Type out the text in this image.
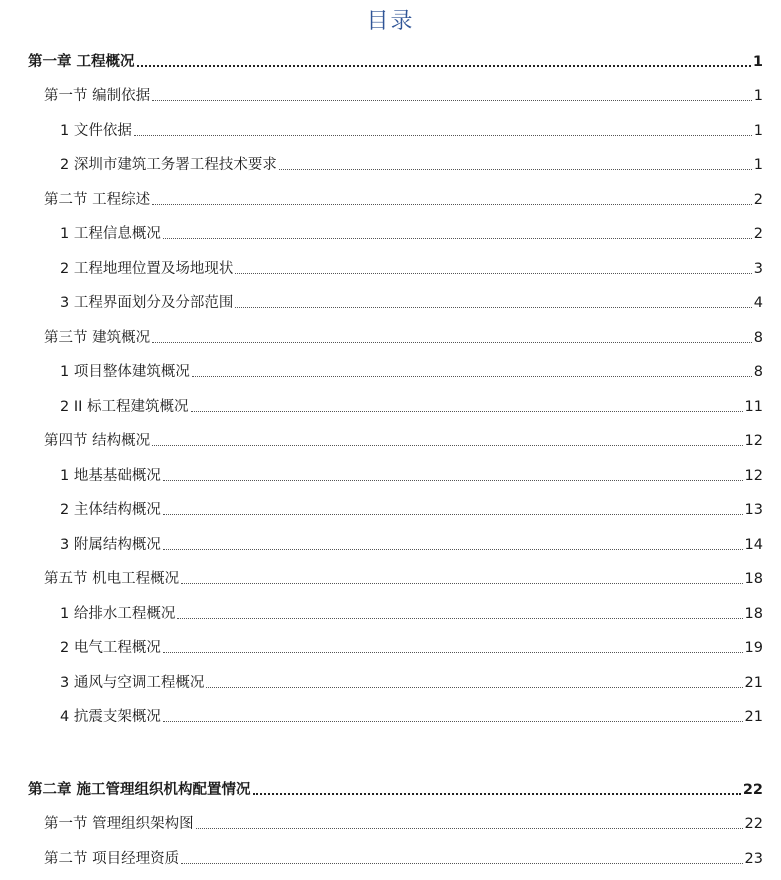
目录
第一章 工程概况	1
第一节 编制依据	1
1 文件依据	1
2 深圳市建筑工务署工程技术要求	1
第二节 工程综述	2
1 工程信息概况	2
2 工程地理位置及场地现状	3
3 工程界面划分及分部范围	4
第三节 建筑概况	8
1 项目整体建筑概况	8
2 II 标工程建筑概况	11
第四节 结构概况	12
1 地基基础概况	12
2 主体结构概况	13
3 附属结构概况	14
第五节 机电工程概况	18
1 给排水工程概况	18
2 电气工程概况	19
3 通风与空调工程概况	21
4 抗震支架概况	21
第二章 施工管理组织机构配置情况	22
第一节 管理组织架构图	22
第二节 项目经理资质	23
